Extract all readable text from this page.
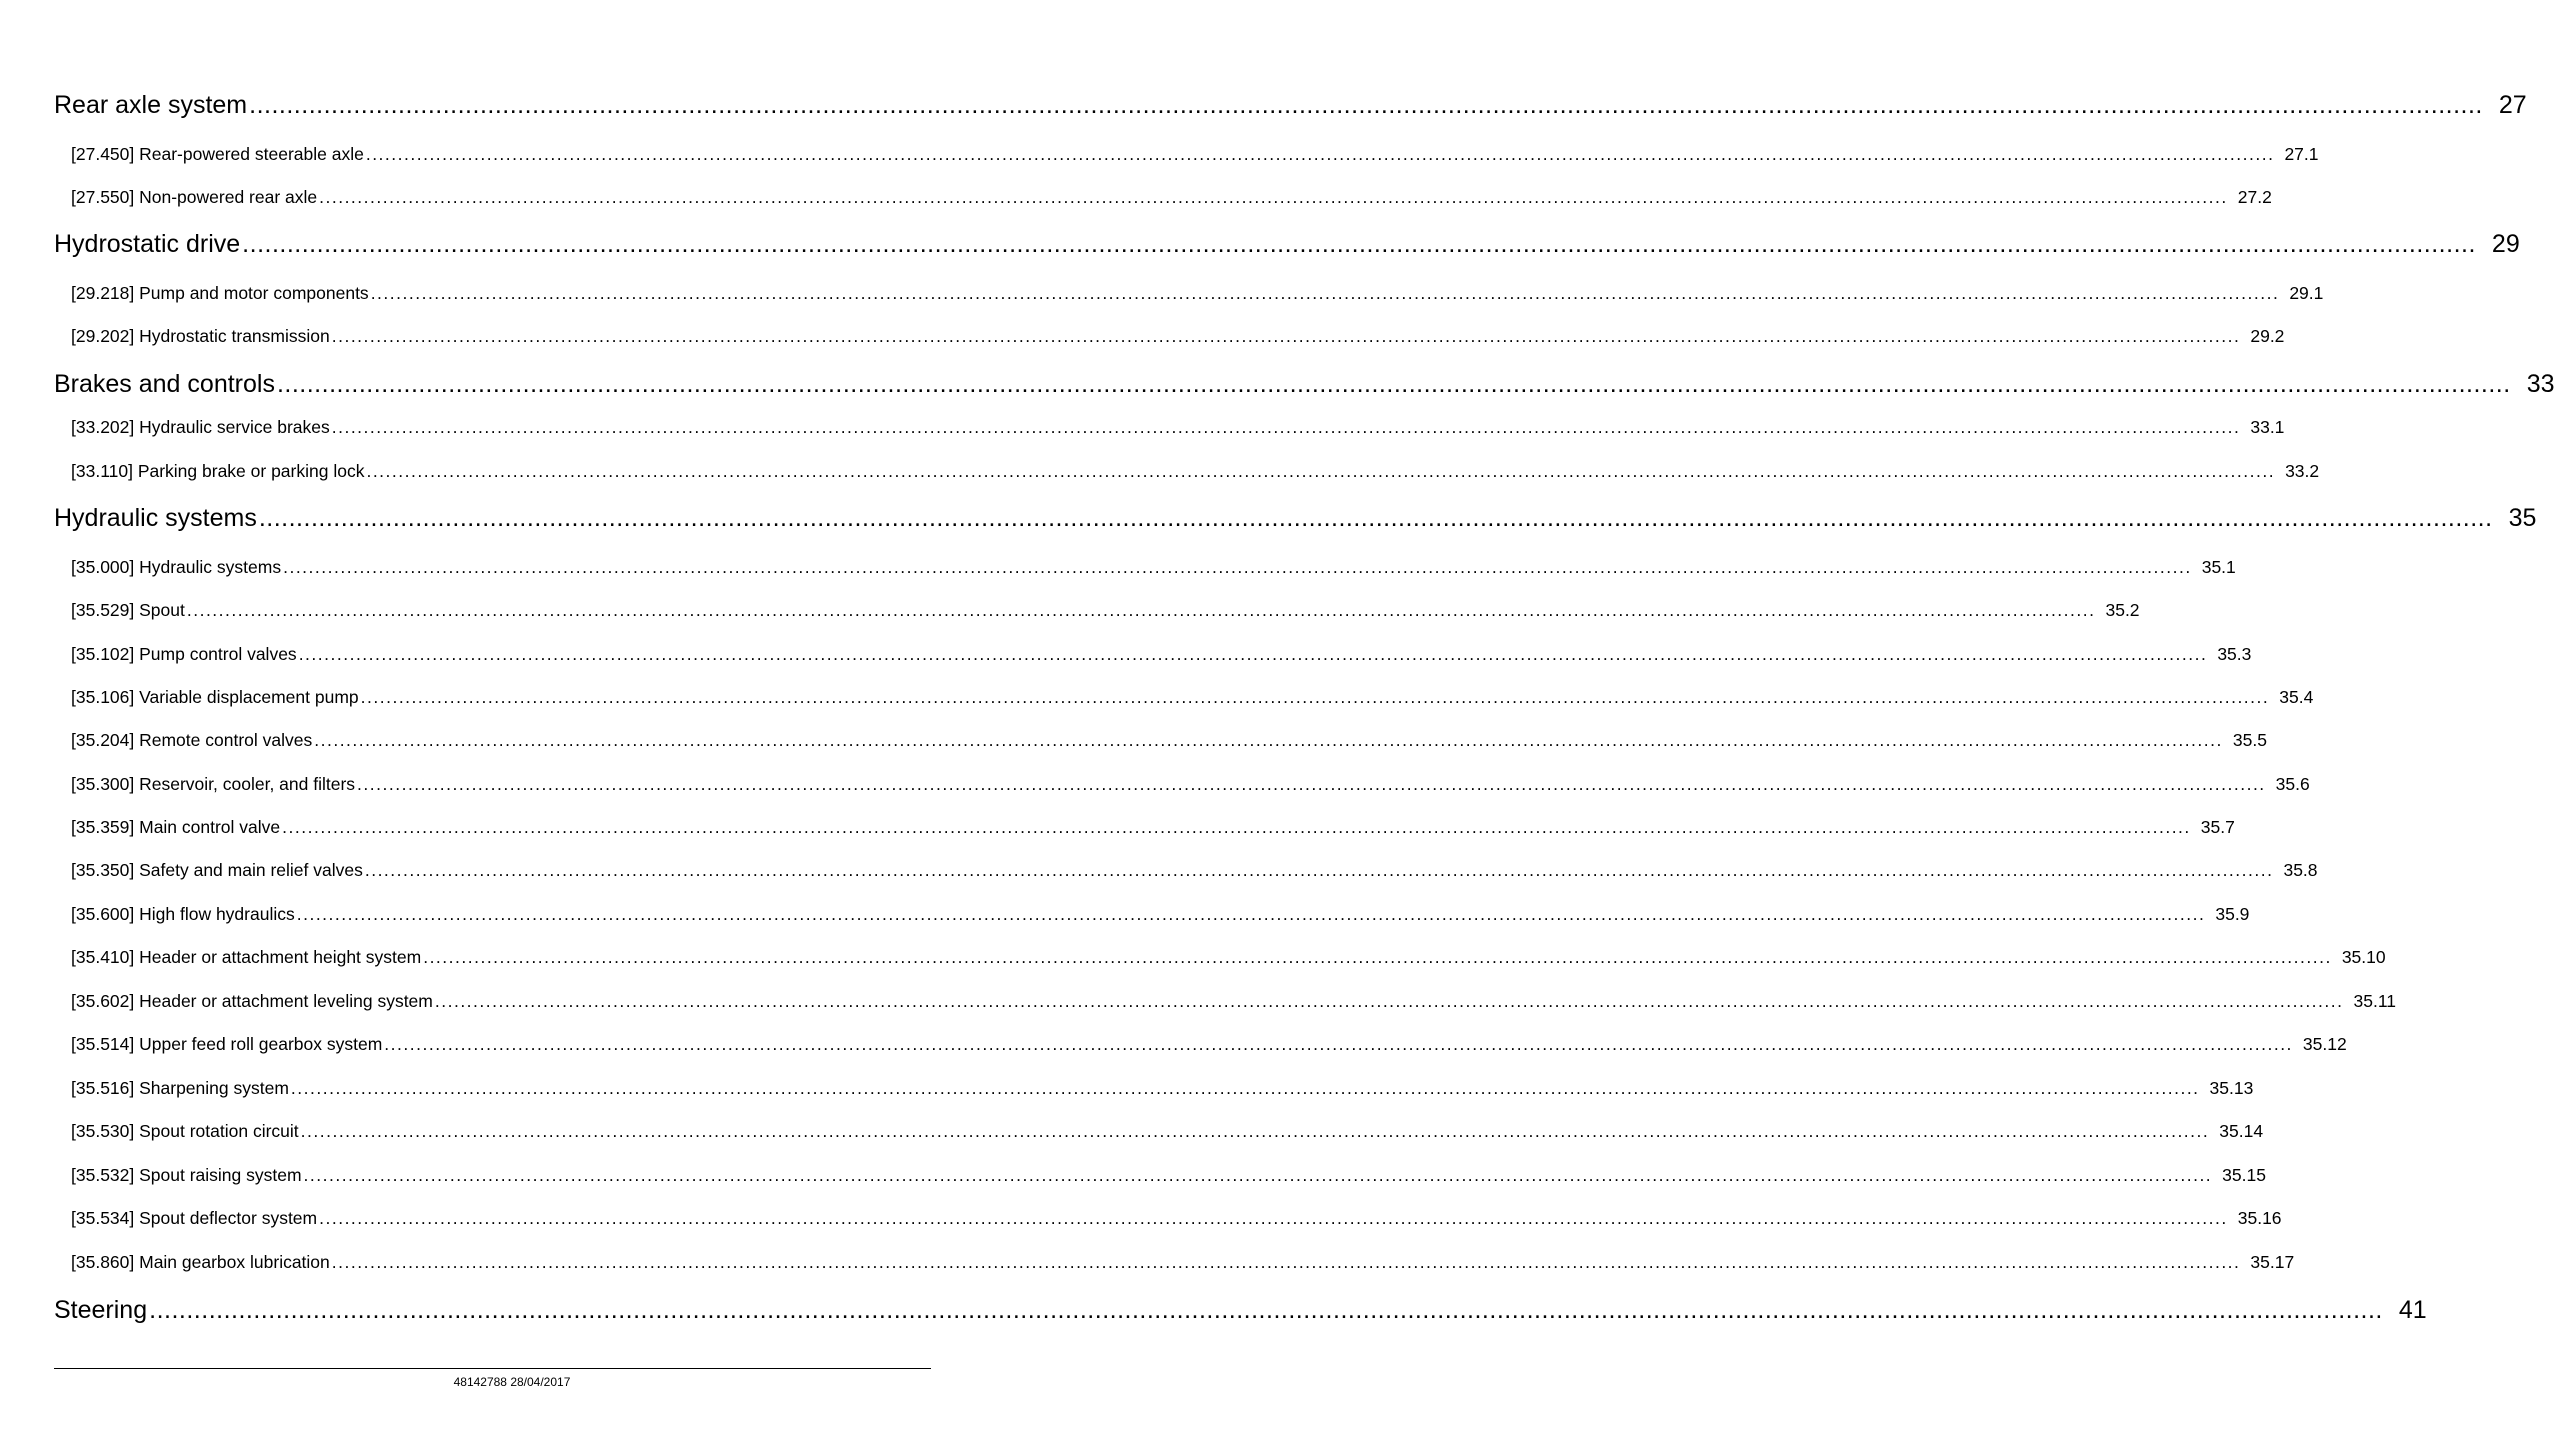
Rear axle system ............................................................................................................................................................................................................................................................................................................ 27
[27.450] Rear-powered steerable axle ............................................................................................................................................................................................................................................................................................................ 27.1
[27.550] Non-powered rear axle ............................................................................................................................................................................................................................................................................................................ 27.2
Hydrostatic drive ............................................................................................................................................................................................................................................................................................................ 29
[29.218] Pump and motor components ............................................................................................................................................................................................................................................................................................................ 29.1
[29.202] Hydrostatic transmission ............................................................................................................................................................................................................................................................................................................ 29.2
Brakes and controls ............................................................................................................................................................................................................................................................................................................ 33
[33.202] Hydraulic service brakes ............................................................................................................................................................................................................................................................................................................ 33.1
[33.110] Parking brake or parking lock ............................................................................................................................................................................................................................................................................................................ 33.2
Hydraulic systems ............................................................................................................................................................................................................................................................................................................ 35
[35.000] Hydraulic systems ............................................................................................................................................................................................................................................................................................................ 35.1
[35.529] Spout ............................................................................................................................................................................................................................................................................................................ 35.2
[35.102] Pump control valves ............................................................................................................................................................................................................................................................................................................ 35.3
[35.106] Variable displacement pump ............................................................................................................................................................................................................................................................................................................ 35.4
[35.204] Remote control valves ............................................................................................................................................................................................................................................................................................................ 35.5
[35.300] Reservoir, cooler, and filters ............................................................................................................................................................................................................................................................................................................ 35.6
[35.359] Main control valve ............................................................................................................................................................................................................................................................................................................ 35.7
[35.350] Safety and main relief valves ............................................................................................................................................................................................................................................................................................................ 35.8
[35.600] High flow hydraulics ............................................................................................................................................................................................................................................................................................................ 35.9
[35.410] Header or attachment height system ............................................................................................................................................................................................................................................................................................................ 35.10
[35.602] Header or attachment leveling system ............................................................................................................................................................................................................................................................................................................ 35.11
[35.514] Upper feed roll gearbox system ............................................................................................................................................................................................................................................................................................................ 35.12
[35.516] Sharpening system ............................................................................................................................................................................................................................................................................................................ 35.13
[35.530] Spout rotation circuit ............................................................................................................................................................................................................................................................................................................ 35.14
[35.532] Spout raising system ............................................................................................................................................................................................................................................................................................................ 35.15
[35.534] Spout deflector system ............................................................................................................................................................................................................................................................................................................ 35.16
[35.860] Main gearbox lubrication ............................................................................................................................................................................................................................................................................................................ 35.17
Steering ............................................................................................................................................................................................................................................................................................................ 41
48142788 28/04/2017
